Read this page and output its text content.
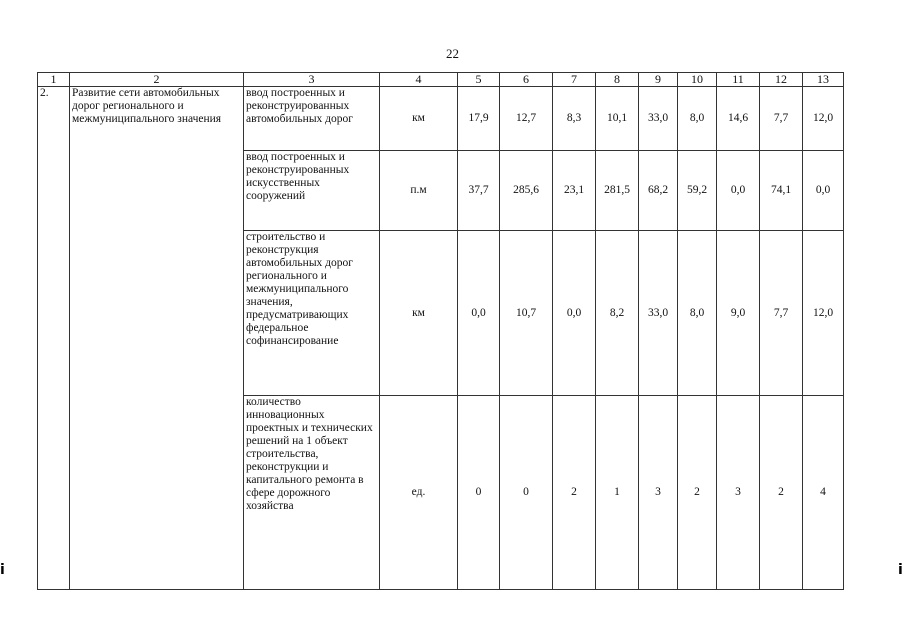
22
1	2	3	4	5	6	7	8	9	10	11	12	13
2.	Развитие сети автомобильных дорог регионального и межмуниципального значения	ввод построенных и реконструированных автомобильных дорог	км	17,9	12,7	8,3	10,1	33,0	8,0	14,6	7,7	12,0
		ввод построенных и реконструированных искусственных сооружений	п.м	37,7	285,6	23,1	281,5	68,2	59,2	0,0	74,1	0,0
		строительство и реконструкция автомобильных дорог регионального и межмуниципального значения, предусматривающих федеральное софинансирование	км	0,0	10,7	0,0	8,2	33,0	8,0	9,0	7,7	12,0
		количество инновационных проектных и технических решений на 1 объект строительства, реконструкции и капитального ремонта в сфере дорожного хозяйства	ед.	0	0	2	1	3	2	3	2	4
i	i
